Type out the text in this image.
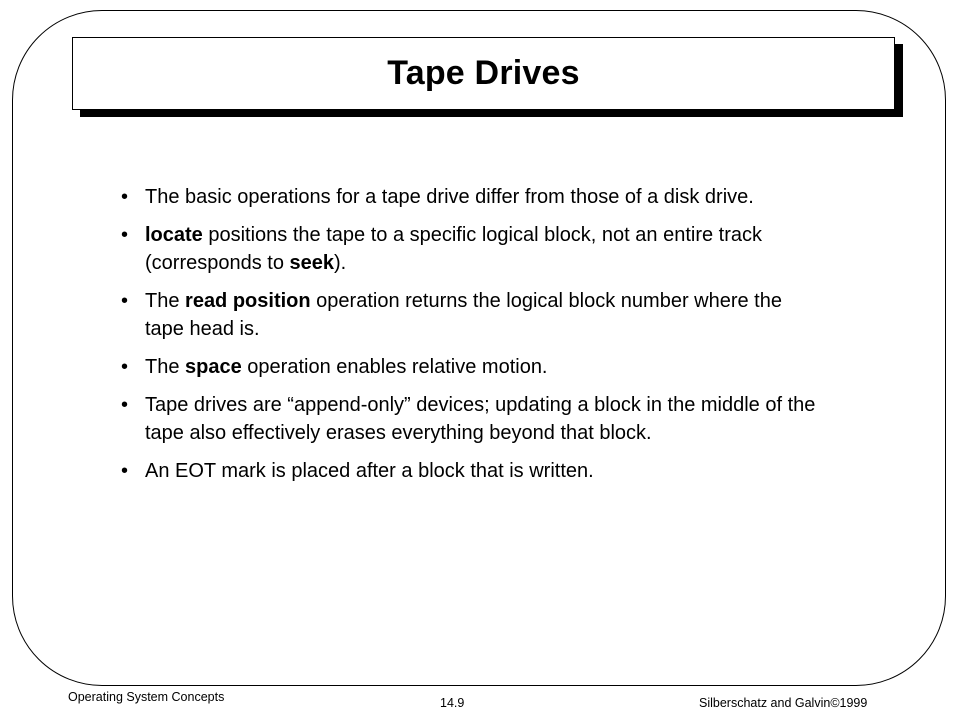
Tape Drives
• The basic operations for a tape drive differ from those of a disk drive.
• locate positions the tape to a specific logical block, not an entire track (corresponds to seek).
• The read position operation returns the logical block number where the tape head is.
• The space operation enables relative motion.
• Tape drives are “append-only” devices; updating a block in the middle of the tape also effectively erases everything beyond that block.
• An EOT mark is placed after a block that is written.
Operating System Concepts	14.9	Silberschatz and Galvin©1999
